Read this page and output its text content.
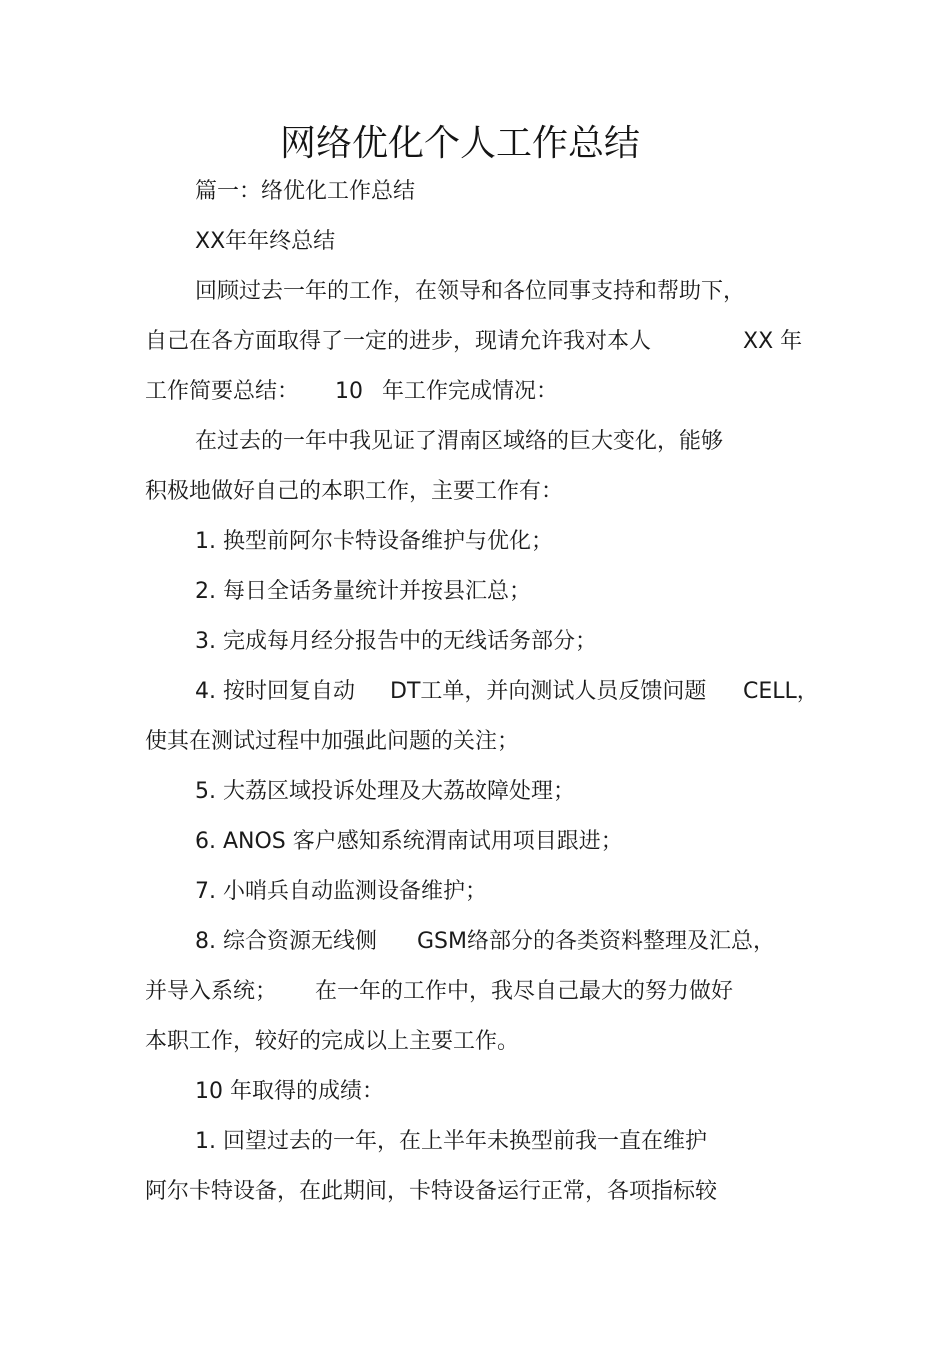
网络优化个人工作总结
篇一：络优化工作总结
XX年年终总结
回顾过去一年的工作，在领导和各位同事支持和帮助下，
自己在各方面取得了一定的进步，现请允许我对本人	XX 年
工作简要总结： 10 年工作完成情况：
在过去的一年中我见证了渭南区域络的巨大变化，能够
积极地做好自己的本职工作，主要工作有：
1. 换型前阿尔卡特设备维护与优化；
2. 每日全话务量统计并按县汇总；
3. 完成每月经分报告中的无线话务部分；
4. 按时回复自动 DT工单，并向测试人员反馈问题 CELL，
使其在测试过程中加强此问题的关注；
5. 大荔区域投诉处理及大荔故障处理；
6. ANOS 客户感知系统渭南试用项目跟进；
7. 小哨兵自动监测设备维护；
8. 综合资源无线侧 GSM络部分的各类资料整理及汇总，
并导入系统； 在一年的工作中，我尽自己最大的努力做好
本职工作，较好的完成以上主要工作。
10 年取得的成绩：
1. 回望过去的一年，在上半年未换型前我一直在维护
阿尔卡特设备，在此期间，卡特设备运行正常，各项指标较
